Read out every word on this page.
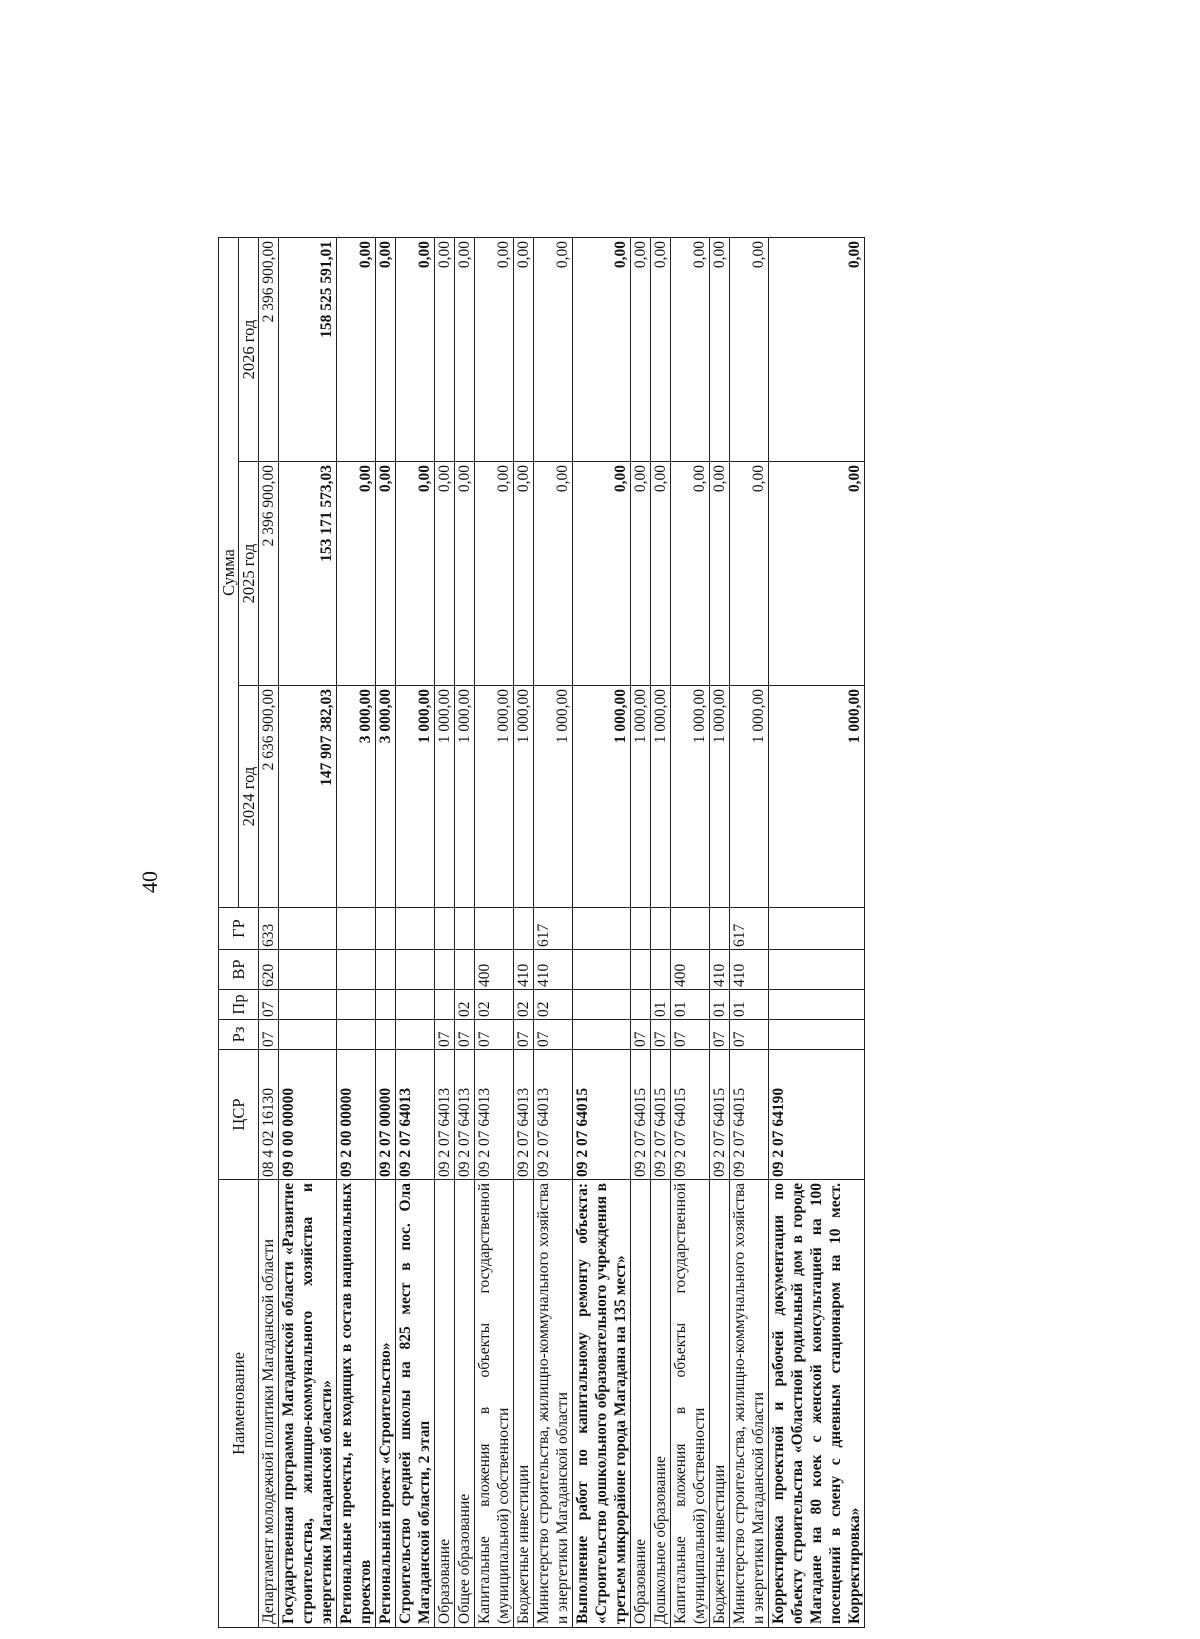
40
Наименование	ЦСР	Рз	Пр	ВР	ГР	Сумма		
						2024 год	2025 год	2026 год
Департамент молодежной политики Магаданской области	08 4 02 16130	07	07	620	633	2 636 900,00	2 396 900,00	2 396 900,00
Государственная программа Магаданской области «Развитие строительства, жилищно-коммунального хозяйства и энергетики Магаданской области»	09 0 00 00000					147 907 382,03	153 171 573,03	158 525 591,01
Региональные проекты, не входящих в состав национальных проектов	09 2 00 00000					3 000,00	0,00	0,00
Региональный проект «Строительство»	09 2 07 00000					3 000,00	0,00	0,00
Строительство средней школы на 825 мест в пос. Ола Магаданской области, 2 этап	09 2 07 64013					1 000,00	0,00	0,00
Образование	09 2 07 64013	07				1 000,00	0,00	0,00
Общее образование	09 2 07 64013	07	02			1 000,00	0,00	0,00
Капитальные вложения в объекты государственной (муниципальной) собственности	09 2 07 64013	07	02	400		1 000,00	0,00	0,00
Бюджетные инвестиции	09 2 07 64013	07	02	410		1 000,00	0,00	0,00
Министерство строительства, жилищно-коммунального хозяйства и энергетики Магаданской области	09 2 07 64013	07	02	410	617	1 000,00	0,00	0,00
Выполнение работ по капитальному ремонту объекта: «Строительство дошкольного образовательного учреждения в третьем микрорайоне города Магадана на 135 мест»	09 2 07 64015					1 000,00	0,00	0,00
Образование	09 2 07 64015	07				1 000,00	0,00	0,00
Дошкольное образование	09 2 07 64015	07	01			1 000,00	0,00	0,00
Капитальные вложения в объекты государственной (муниципальной) собственности	09 2 07 64015	07	01	400		1 000,00	0,00	0,00
Бюджетные инвестиции	09 2 07 64015	07	01	410		1 000,00	0,00	0,00
Министерство строительства, жилищно-коммунального хозяйства и энергетики Магаданской области	09 2 07 64015	07	01	410	617	1 000,00	0,00	0,00
Корректировка проектной и рабочей документации по объекту строительства «Областной родильный дом в городе Магадане на 80 коек с женской консультацией на 100 посещений в смену с дневным стационаром на 10 мест. Корректировка»	09 2 07 64190					1 000,00	0,00	0,00
